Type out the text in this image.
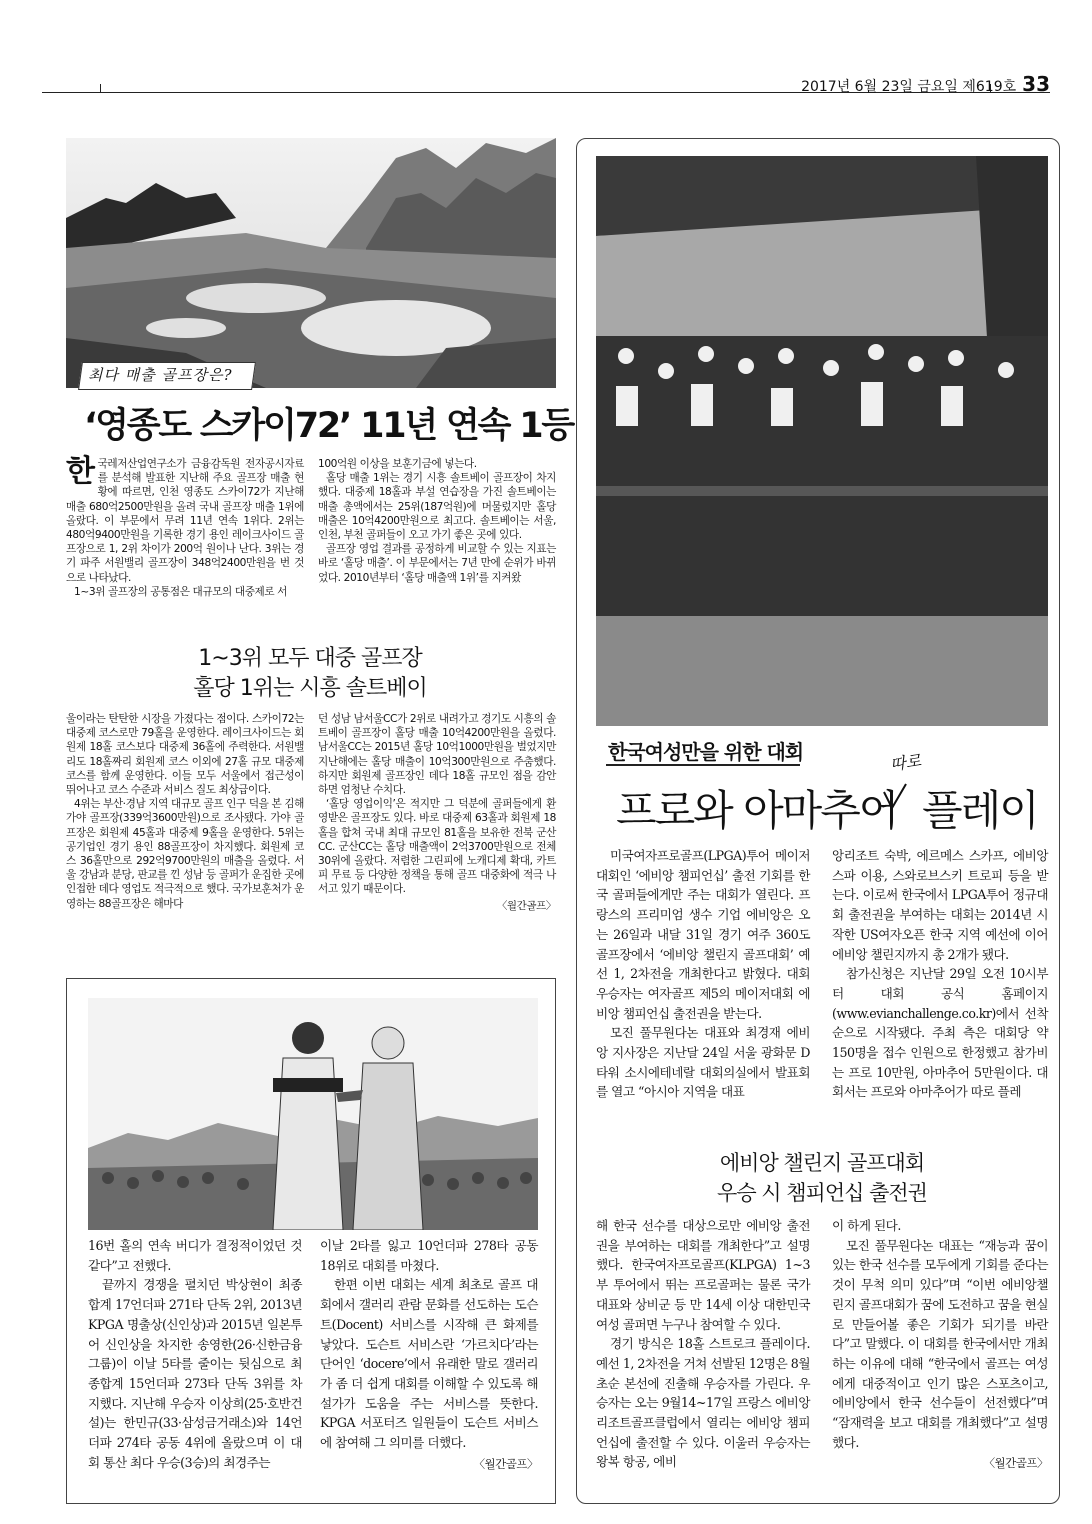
2017년 6월 23일 금요일 제619호 33
최다 매출 골프장은?
‘영종도 스카이72’ 11년 연속 1등
한 국레저산업연구소가 금융감독원 전자공시자료를 분석해 발표한 지난해 주요 골프장 매출 현황에 따르면, 인천 영종도 스카이72가 지난해 매출 680억2500만원을 올려 국내 골프장 매출 1위에 올랐다. 이 부문에서 무려 11년 연속 1위다. 2위는 480억9400만원을 기록한 경기 용인 레이크사이드 골프장으로 1, 2위 차이가 200억 원이나 난다. 3위는 경기 파주 서원밸리 골프장이 348억2400만원을 번 것으로 나타났다.

1~3위 골프장의 공통점은 대규모의 대중제로 서

100억원 이상을 보훈기금에 넣는다.

홀당 매출 1위는 경기 시흥 솔트베이 골프장이 차지했다. 대중제 18홀과 부설 연습장을 가진 솔트베이는 매출 총액에서는 25위(187억원)에 머물렀지만 홀당 매출은 10억4200만원으로 최고다. 솔트베이는 서울, 인천, 부천 골퍼들이 오고 가기 좋은 곳에 있다.

골프장 영업 결과를 공정하게 비교할 수 있는 지표는 바로 ‘홀당 매출’. 이 부문에서는 7년 만에 순위가 바뀌었다. 2010년부터 ‘홀당 매출액 1위’를 지켜왔

1~3위 모두 대중 골프장
홀당 1위는 시흥 솔트베이

울이라는 탄탄한 시장을 가졌다는 점이다. 스카이72는 대중제 코스로만 79홀을 운영한다. 레이크사이드는 회원제 18홀 코스보다 대중제 36홀에 주력한다. 서원밸리도 18홀짜리 회원제 코스 이외에 27홀 규모 대중제 코스를 함께 운영한다. 이들 모두 서울에서 접근성이 뛰어나고 코스 수준과 서비스 질도 최상급이다.

4위는 부산·경남 지역 대규모 골프 인구 덕을 본 김해 가야 골프장(339억3600만원)으로 조사됐다. 가야 골프장은 회원제 45홀과 대중제 9홀을 운영한다. 5위는 공기업인 경기 용인 88골프장이 차지했다. 회원제 코스 36홀만으로 292억9700만원의 매출을 올렸다. 서울 강남과 분당, 판교를 낀 성남 등 골퍼가 운집한 곳에 인접한 데다 영업도 적극적으로 했다. 국가보훈처가 운영하는 88골프장은 해마다

던 성남 남서울CC가 2위로 내려가고 경기도 시흥의 솔트베이 골프장이 홀당 매출 10억4200만원을 올렸다. 남서울CC는 2015년 홀당 10억1000만원을 벌었지만 지난해에는 홀당 매출이 10억300만원으로 주춤했다. 하지만 회원제 골프장인 데다 18홀 규모인 점을 감안하면 엄청난 수치다.

‘홀당 영업이익’은 적지만 그 덕분에 골퍼들에게 환영받은 골프장도 있다. 바로 대중제 63홀과 회원제 18홀을 합쳐 국내 최대 규모인 81홀을 보유한 전북 군산CC. 군산CC는 홀당 매출액이 2억3700만원으로 전체 30위에 올랐다. 저렴한 그린피에 노캐디제 확대, 카트피 무료 등 다양한 정책을 통해 골프 대중화에 적극 나서고 있기 때문이다.

〈월간골프〉

16번 홀의 연속 버디가 결정적이었던 것 같다”고 전했다.

끝까지 경쟁을 펼치던 박상현이 최종합계 17언더파 271타 단독 2위, 2013년 KPGA 명출상(신인상)과 2015년 일본투어 신인상을 차지한 송영한(26·신한금융그룹)이 이날 5타를 줄이는 뒷심으로 최종합계 15언더파 273타 단독 3위를 차지했다. 지난해 우승자 이상희(25·호반건설)는 한민규(33·삼성금거래소)와 14언더파 274타 공동 4위에 올랐으며 이 대회 통산 최다 우승(3승)의 최경주는

이날 2타를 잃고 10언더파 278타 공동 18위로 대회를 마쳤다.

한편 이번 대회는 세계 최초로 골프 대회에서 갤러리 관람 문화를 선도하는 도슨트(Docent) 서비스를 시작해 큰 화제를 낳았다. 도슨트 서비스란 ‘가르치다’라는 단어인 ‘docere’에서 유래한 말로 갤러리가 좀 더 쉽게 대회를 이해할 수 있도록 해설가가 도움을 주는 서비스를 뜻한다. KPGA 서포터즈 일원들이 도슨트 서비스에 참여해 그 의미를 더했다.

〈월간골프〉
한국여성만을 위한 대회
프로와 아마추어
따로
플레이

미국여자프로골프(LPGA)투어 메이저대회인 ‘에비앙 챔피언십’ 출전 기회를 한국 골퍼들에게만 주는 대회가 열린다. 프랑스의 프리미엄 생수 기업 에비앙은 오는 26일과 내달 31일 경기 여주 360도 골프장에서 ‘에비앙 챌린지 골프대회’ 예선 1, 2차전을 개최한다고 밝혔다. 대회 우승자는 여자골프 제5의 메이저대회 에비앙 챔피언십 출전권을 받는다.

모진 풀무원다논 대표와 최경재 에비앙 지사장은 지난달 24일 서울 광화문 D타워 소시에테네랄 대회의실에서 발표회를 열고 “아시아 지역을 대표

앙리조트 숙박, 에르메스 스카프, 에비앙 스파 이용, 스와로브스키 트로피 등을 받는다. 이로써 한국에서 LPGA투어 정규대회 출전권을 부여하는 대회는 2014년 시작한 US여자오픈 한국 지역 예선에 이어 에비앙 챌린지까지 총 2개가 됐다.

참가신청은 지난달 29일 오전 10시부터 대회 공식 홈페이지(www.evianchallenge.co.kr)에서 선착순으로 시작됐다. 주최 측은 대회당 약 150명을 접수 인원으로 한정했고 참가비는 프로 10만원, 아마추어 5만원이다. 대회서는 프로와 아마추어가 따로 플레

에비앙 챌린지 골프대회
우승 시 챔피언십 출전권

해 한국 선수를 대상으로만 에비앙 출전권을 부여하는 대회를 개최한다”고 설명했다. 한국여자프로골프(KLPGA) 1~3부 투어에서 뛰는 프로골퍼는 물론 국가대표와 상비군 등 만 14세 이상 대한민국 여성 골퍼면 누구나 참여할 수 있다.

경기 방식은 18홀 스트로크 플레이다. 예선 1, 2차전을 거쳐 선발된 12명은 8월 초순 본선에 진출해 우승자를 가린다. 우승자는 오는 9월14~17일 프랑스 에비앙리조트골프클럽에서 열리는 에비앙 챔피언십에 출전할 수 있다. 이울러 우승자는 왕복 항공, 에비

이 하게 된다.

모진 풀무원다논 대표는 “재능과 꿈이 있는 한국 선수를 모두에게 기회를 준다는 것이 무척 의미 있다”며 “이번 에비앙챌린지 골프대회가 꿈에 도전하고 꿈을 현실로 만들어볼 좋은 기회가 되기를 바란다”고 말했다. 이 대회를 한국에서만 개최하는 이유에 대해 “한국에서 골프는 여성에게 대중적이고 인기 많은 스포츠이고, 에비앙에서 한국 선수들이 선전했다”며 “잠재력을 보고 대회를 개최했다”고 설명했다.

〈월간골프〉
